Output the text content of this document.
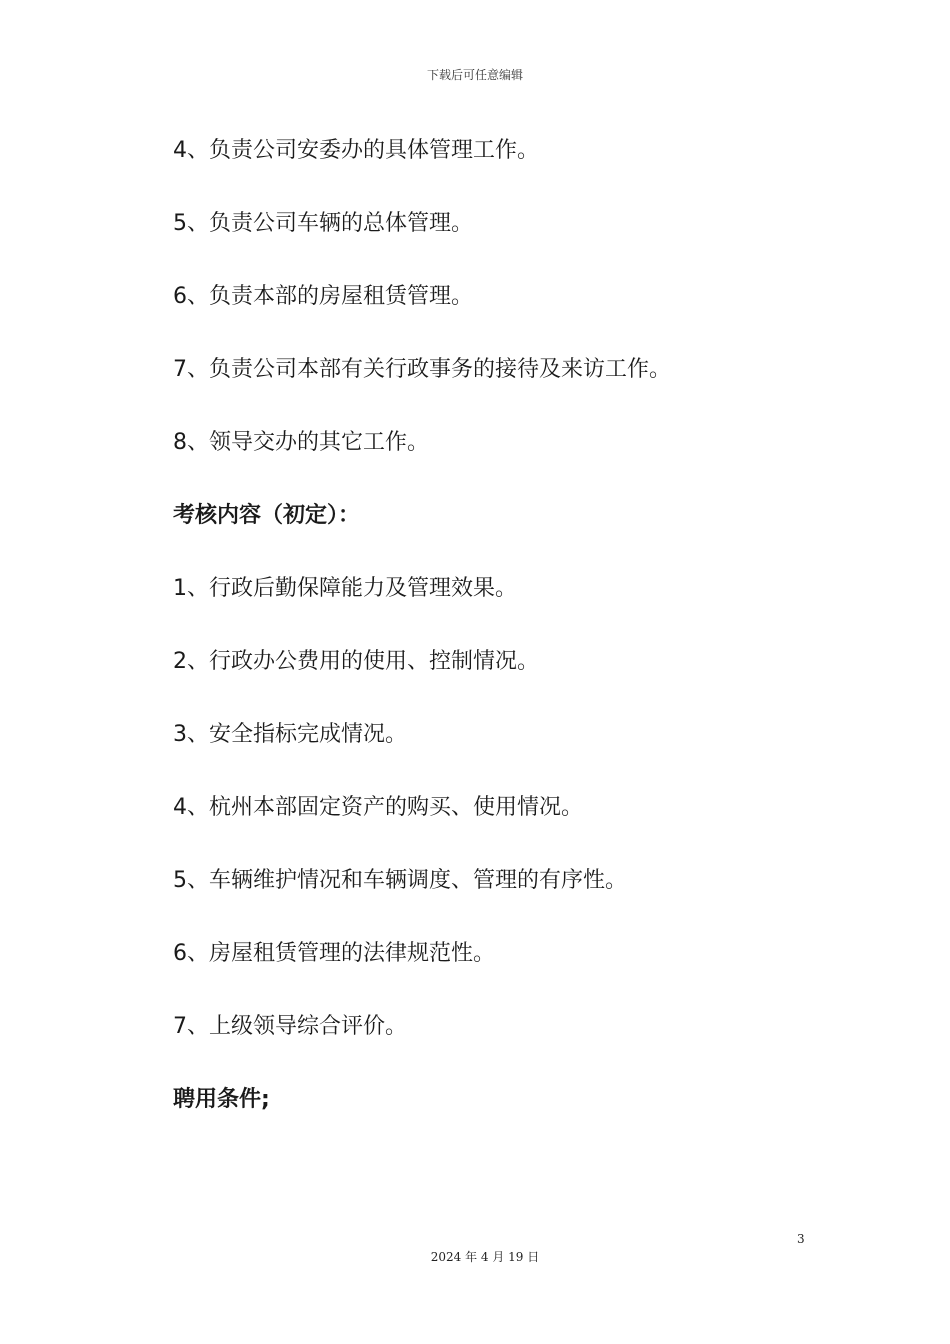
下载后可任意编辑
4、负责公司安委办的具体管理工作。
5、负责公司车辆的总体管理。
6、负责本部的房屋租赁管理。
7、负责公司本部有关行政事务的接待及来访工作。
8、领导交办的其它工作。
考核内容（初定）：
1、行政后勤保障能力及管理效果。
2、行政办公费用的使用、控制情况。
3、安全指标完成情况。
4、杭州本部固定资产的购买、使用情况。
5、车辆维护情况和车辆调度、管理的有序性。
6、房屋租赁管理的法律规范性。
7、上级领导综合评价。
聘用条件;
3
2024 年 4 月 19 日
